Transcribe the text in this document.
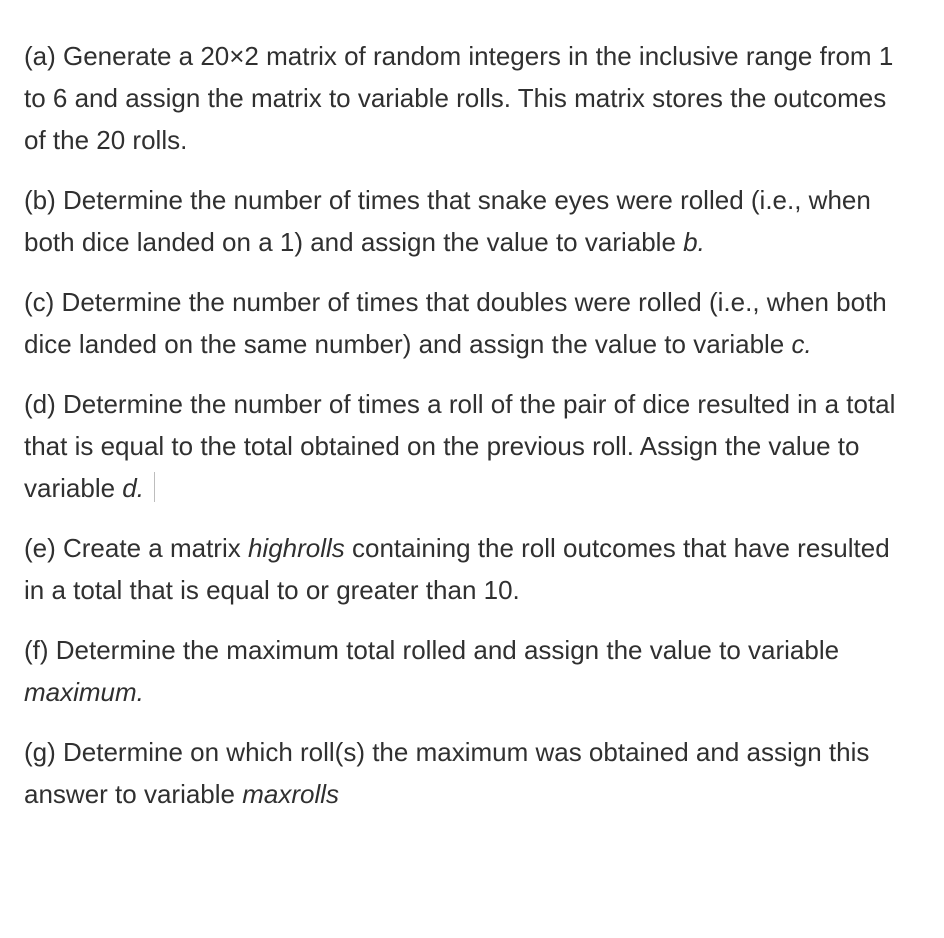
(a) Generate a 20×2 matrix of random integers in the inclusive range from 1 to 6 and assign the matrix to variable rolls. This matrix stores the outcomes of the 20 rolls.

(b) Determine the number of times that snake eyes were rolled (i.e., when both dice landed on a 1) and assign the value to variable b.

(c) Determine the number of times that doubles were rolled (i.e., when both dice landed on the same number) and assign the value to variable c.

(d) Determine the number of times a roll of the pair of dice resulted in a total that is equal to the total obtained on the previous roll. Assign the value to variable d.

(e) Create a matrix highrolls containing the roll outcomes that have resulted in a total that is equal to or greater than 10.

(f) Determine the maximum total rolled and assign the value to variable maximum.

(g) Determine on which roll(s) the maximum was obtained and assign this answer to variable maxrolls
